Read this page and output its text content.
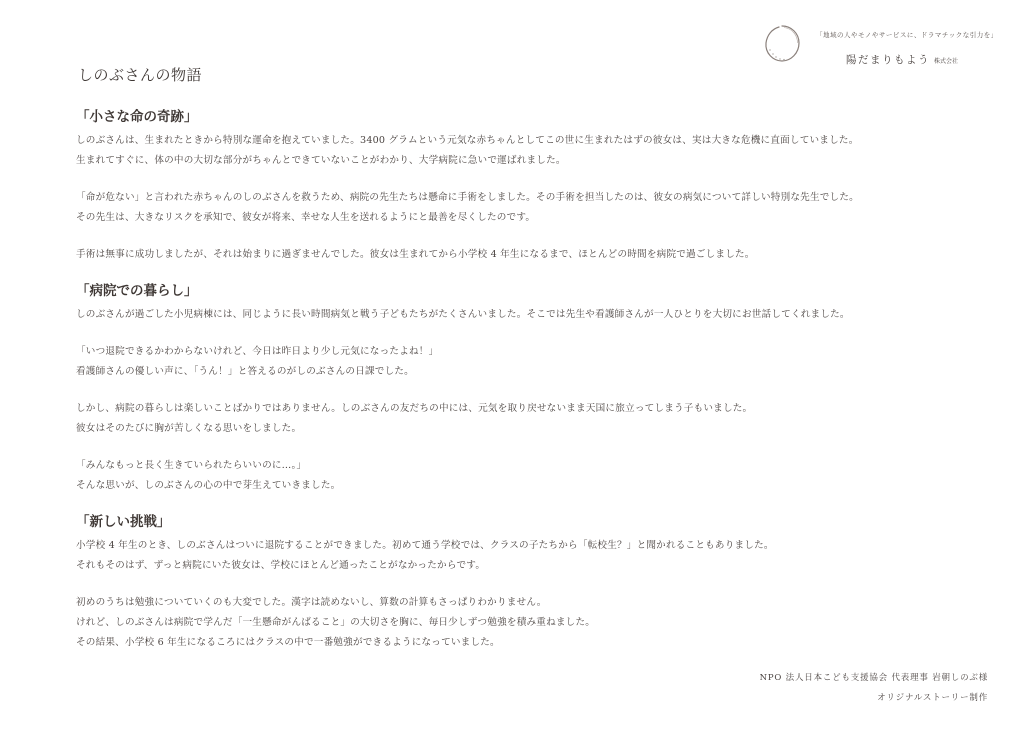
「地域の人やモノやサービスに、ドラマチックな引力を」
陽だまりもよう 株式会社
しのぶさんの物語
「小さな命の奇跡」
しのぶさんは、生まれたときから特別な運命を抱えていました。3400 グラムという元気な赤ちゃんとしてこの世に生まれたはずの彼女は、実は大きな危機に直面していました。
生まれてすぐに、体の中の大切な部分がちゃんとできていないことがわかり、大学病院に急いで運ばれました。
「命が危ない」と言われた赤ちゃんのしのぶさんを救うため、病院の先生たちは懸命に手術をしました。その手術を担当したのは、彼女の病気について詳しい特別な先生でした。
その先生は、大きなリスクを承知で、彼女が将来、幸せな人生を送れるようにと最善を尽くしたのです。
手術は無事に成功しましたが、それは始まりに過ぎませんでした。彼女は生まれてから小学校 4 年生になるまで、ほとんどの時間を病院で過ごしました。
「病院での暮らし」
しのぶさんが過ごした小児病棟には、同じように長い時間病気と戦う子どもたちがたくさんいました。そこでは先生や看護師さんが一人ひとりを大切にお世話してくれました。
「いつ退院できるかわからないけれど、今日は昨日より少し元気になったよね！」
看護師さんの優しい声に、「うん！」と答えるのがしのぶさんの日課でした。
しかし、病院の暮らしは楽しいことばかりではありません。しのぶさんの友だちの中には、元気を取り戻せないまま天国に旅立ってしまう子もいました。
彼女はそのたびに胸が苦しくなる思いをしました。
「みんなもっと長く生きていられたらいいのに…。」
そんな思いが、しのぶさんの心の中で芽生えていきました。
「新しい挑戦」
小学校 4 年生のとき、しのぶさんはついに退院することができました。初めて通う学校では、クラスの子たちから「転校生？」と聞かれることもありました。
それもそのはず、ずっと病院にいた彼女は、学校にほとんど通ったことがなかったからです。
初めのうちは勉強についていくのも大変でした。漢字は読めないし、算数の計算もさっぱりわかりません。
けれど、しのぶさんは病院で学んだ「一生懸命がんばること」の大切さを胸に、毎日少しずつ勉強を積み重ねました。
その結果、小学校 6 年生になるころにはクラスの中で一番勉強ができるようになっていました。
NPO 法人日本こども支援協会 代表理事 岩朝しのぶ様
オリジナルストーリー制作
